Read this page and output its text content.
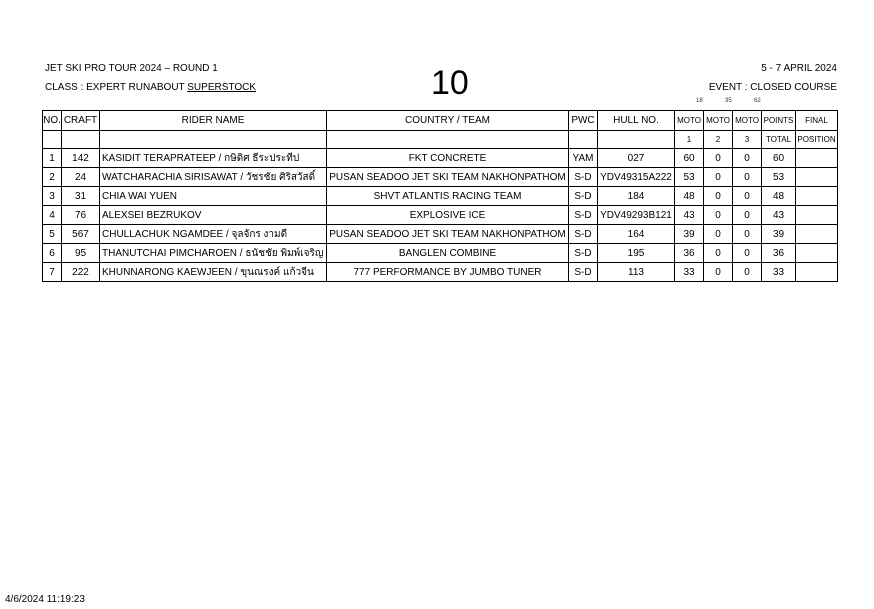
JET SKI PRO TOUR 2024 – ROUND 1
CLASS : EXPERT RUNABOUT SUPERSTOCK	10	5 - 7 APRIL 2024
EVENT : CLOSED COURSE
18	35	62
NO.	CRAFT	RIDER NAME	COUNTRY / TEAM	PWC	HULL NO.	MOTO	MOTO	MOTO	POINTS	FINAL
						1	2	3	TOTAL	POSITION
1	142	KASIDIT TERAPRATEEP / กษิดิศ ธีระประทีป	FKT CONCRETE	YAM	027	60	0	0	60	
2	24	WATCHARACHIA SIRISAWAT / วัชรชัย ศิริสวัสดิ์	PUSAN SEADOO JET SKI TEAM NAKHONPATHOM	S-D	YDV49315A222	53	0	0	53	
3	31	CHIA WAI YUEN	SHVT ATLANTIS RACING TEAM	S-D	184	48	0	0	48	
4	76	ALEXSEI BEZRUKOV	EXPLOSIVE ICE	S-D	YDV49293B121	43	0	0	43	
5	567	CHULLACHUK NGAMDEE / จุลจักร งามดี	PUSAN SEADOO JET SKI TEAM NAKHONPATHOM	S-D	164	39	0	0	39	
6	95	THANUTCHAI PIMCHAROEN / ธนัชชัย พิมพ์เจริญ	BANGLEN COMBINE	S-D	195	36	0	0	36	
7	222	KHUNNARONG KAEWJEEN / ขุนณรงค์ แก้วจีน	777 PERFORMANCE BY JUMBO TUNER	S-D	113	33	0	0	33	
4/6/2024 11:19:23
